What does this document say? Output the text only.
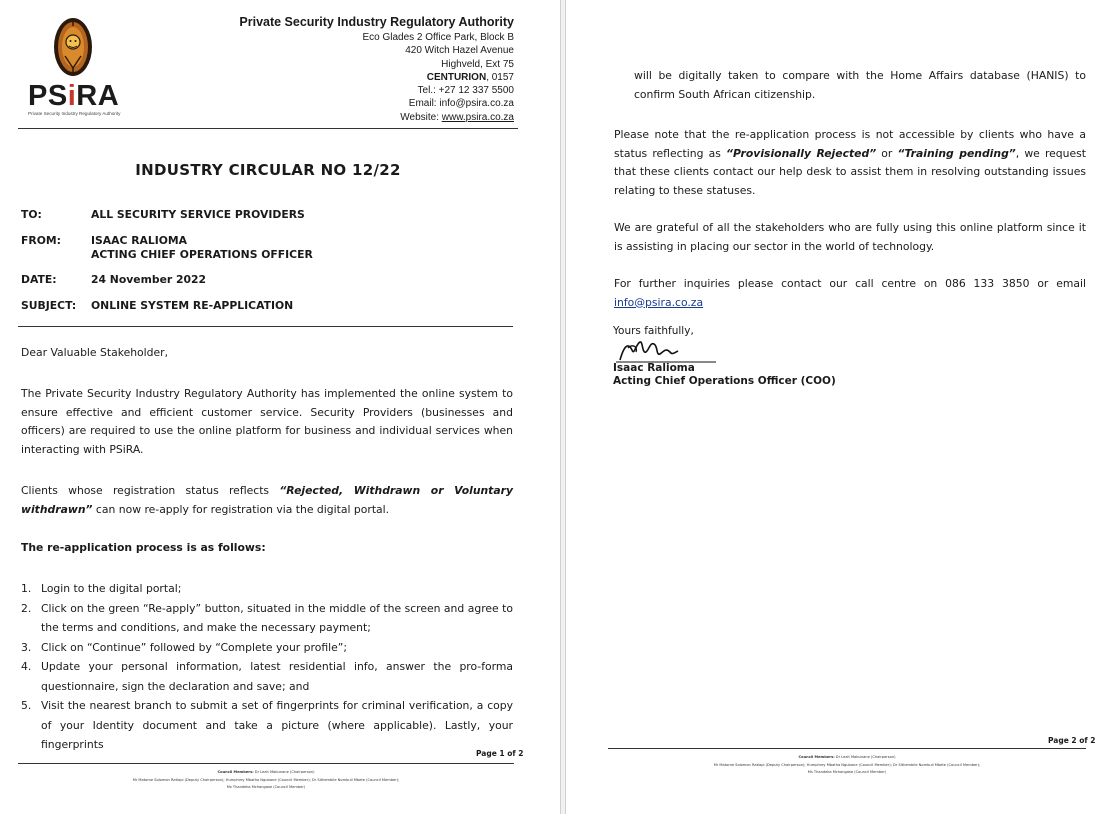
PSiRA
Private Security Industry Regulatory Authority
Private Security Industry Regulatory Authority
Eco Glades 2 Office Park, Block B
420 Witch Hazel Avenue
Highveld, Ext 75
CENTURION, 0157
Tel.: +27 12 337 5500
Email: info@psira.co.za
Website: www.psira.co.za
INDUSTRY CIRCULAR NO 12/22
TO:	ALL SECURITY SERVICE PROVIDERS
FROM:	ISAAC RALIOMA
ACTING CHIEF OPERATIONS OFFICER
DATE:	24 November 2022
SUBJECT: ONLINE SYSTEM RE-APPLICATION
Dear Valuable Stakeholder,
The Private Security Industry Regulatory Authority has implemented the online system to ensure effective and efficient customer service. Security Providers (businesses and officers) are required to use the online platform for business and individual services when interacting with PSiRA.
Clients whose registration status reflects “Rejected, Withdrawn or Voluntary withdrawn” can now re-apply for registration via the digital portal.
The re-application process is as follows:
1. Login to the digital portal;
2. Click on the green “Re-apply” button, situated in the middle of the screen and agree to the terms and conditions, and make the necessary payment;
3. Click on “Continue” followed by “Complete your profile”;
4. Update your personal information, latest residential info, answer the pro-forma questionnaire, sign the declaration and save; and
5. Visit the nearest branch to submit a set of fingerprints for criminal verification, a copy of your Identity document and take a picture (where applicable). Lastly, your fingerprints
Page 1 of 2
Council Members: Dr Leah Mabunane (Chairperson)
Mr Matome Solomon Ratlapi (Deputy Chairperson); Humphrey Mbatha Ngubane (Council Member); Dr Sithembile Nombuli Mbete (Council Member);
Ms Thandeka Mchangase (Council Member)
will be digitally taken to compare with the Home Affairs database (HANIS) to confirm South African citizenship.
Please note that the re-application process is not accessible by clients who have a status reflecting as “Provisionally Rejected” or “Training pending”, we request that these clients contact our help desk to assist them in resolving outstanding issues relating to these statuses.
We are grateful of all the stakeholders who are fully using this online platform since it is assisting in placing our sector in the world of technology.
For further inquiries please contact our call centre on 086 133 3850 or email info@psira.co.za
Yours faithfully,
Isaac Ralioma
Acting Chief Operations Officer (COO)
Page 2 of 2
Council Members: Dr Leah Mabunane (Chairperson)
Mr Matome Solomon Ratlapi (Deputy Chairperson); Humphrey Mbatha Ngubane (Council Member); Dr Sithembile Nombuli Mbete (Council Member);
Ms Thandeka Mchangase (Council Member)
